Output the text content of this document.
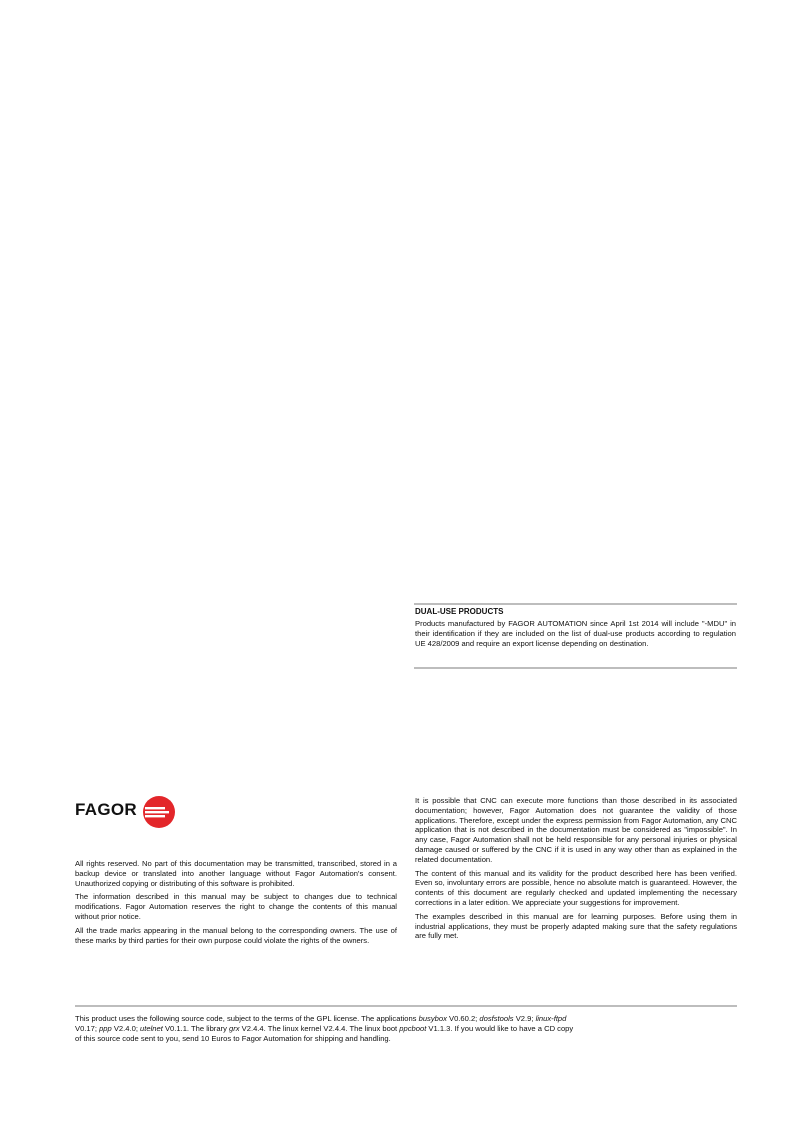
DUAL-USE PRODUCTS

Products manufactured by FAGOR AUTOMATION since April 1st 2014 will include "-MDU" in their identification if they are included on the list of dual-use products according to regulation UE 428/2009 and require an export license depending on destination.

FAGOR

All rights reserved. No part of this documentation may be transmitted, transcribed, stored in a backup device or translated into another language without Fagor Automation's consent. Unauthorized copying or distributing of this software is prohibited.

The information described in this manual may be subject to changes due to technical modifications. Fagor Automation reserves the right to change the contents of this manual without prior notice.

All the trade marks appearing in the manual belong to the corresponding owners. The use of these marks by third parties for their own purpose could violate the rights of the owners.

It is possible that CNC can execute more functions than those described in its associated documentation; however, Fagor Automation does not guarantee the validity of those applications. Therefore, except under the express permission from Fagor Automation, any CNC application that is not described in the documentation must be considered as "impossible". In any case, Fagor Automation shall not be held responsible for any personal injuries or physical damage caused or suffered by the CNC if it is used in any way other than as explained in the related documentation.

The content of this manual and its validity for the product described here has been verified. Even so, involuntary errors are possible, hence no absolute match is guaranteed. However, the contents of this document are regularly checked and updated implementing the necessary corrections in a later edition. We appreciate your suggestions for improvement.

The examples described in this manual are for learning purposes. Before using them in industrial applications, they must be properly adapted making sure that the safety regulations are fully met.

This product uses the following source code, subject to the terms of the GPL license. The applications busybox V0.60.2; dosfstools V2.9; linux-ftpd V0.17; ppp V2.4.0; utelnet V0.1.1. The library grx V2.4.4. The linux kernel V2.4.4. The linux boot ppcboot V1.1.3. If you would like to have a CD copy of this source code sent to you, send 10 Euros to Fagor Automation for shipping and handling.
